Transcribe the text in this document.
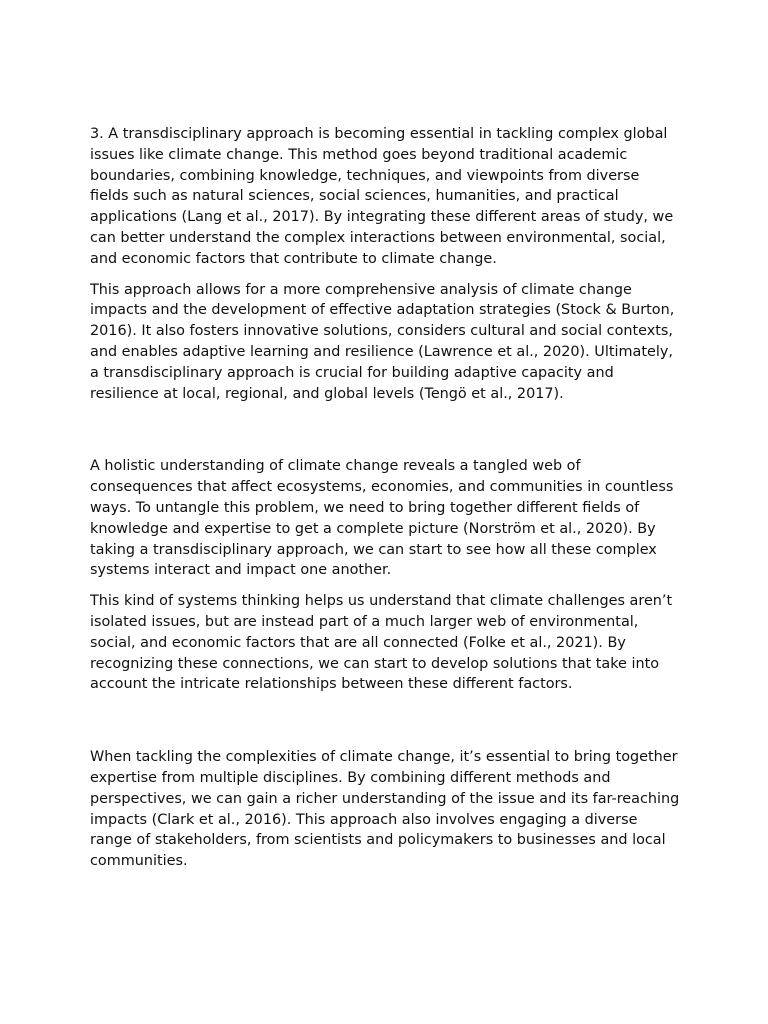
3. A transdisciplinary approach is becoming essential in tackling complex global issues like climate change. This method goes beyond traditional academic boundaries, combining knowledge, techniques, and viewpoints from diverse fields such as natural sciences, social sciences, humanities, and practical applications (Lang et al., 2017). By integrating these different areas of study, we can better understand the complex interactions between environmental, social, and economic factors that contribute to climate change.

This approach allows for a more comprehensive analysis of climate change impacts and the development of effective adaptation strategies (Stock & Burton, 2016). It also fosters innovative solutions, considers cultural and social contexts, and enables adaptive learning and resilience (Lawrence et al., 2020). Ultimately, a transdisciplinary approach is crucial for building adaptive capacity and resilience at local, regional, and global levels (Tengö et al., 2017).

A holistic understanding of climate change reveals a tangled web of consequences that affect ecosystems, economies, and communities in countless ways. To untangle this problem, we need to bring together different fields of knowledge and expertise to get a complete picture (Norström et al., 2020). By taking a transdisciplinary approach, we can start to see how all these complex systems interact and impact one another.

This kind of systems thinking helps us understand that climate challenges aren’t isolated issues, but are instead part of a much larger web of environmental, social, and economic factors that are all connected (Folke et al., 2021). By recognizing these connections, we can start to develop solutions that take into account the intricate relationships between these different factors.

When tackling the complexities of climate change, it’s essential to bring together expertise from multiple disciplines. By combining different methods and perspectives, we can gain a richer understanding of the issue and its far-reaching impacts (Clark et al., 2016). This approach also involves engaging a diverse range of stakeholders, from scientists and policymakers to businesses and local communities.
